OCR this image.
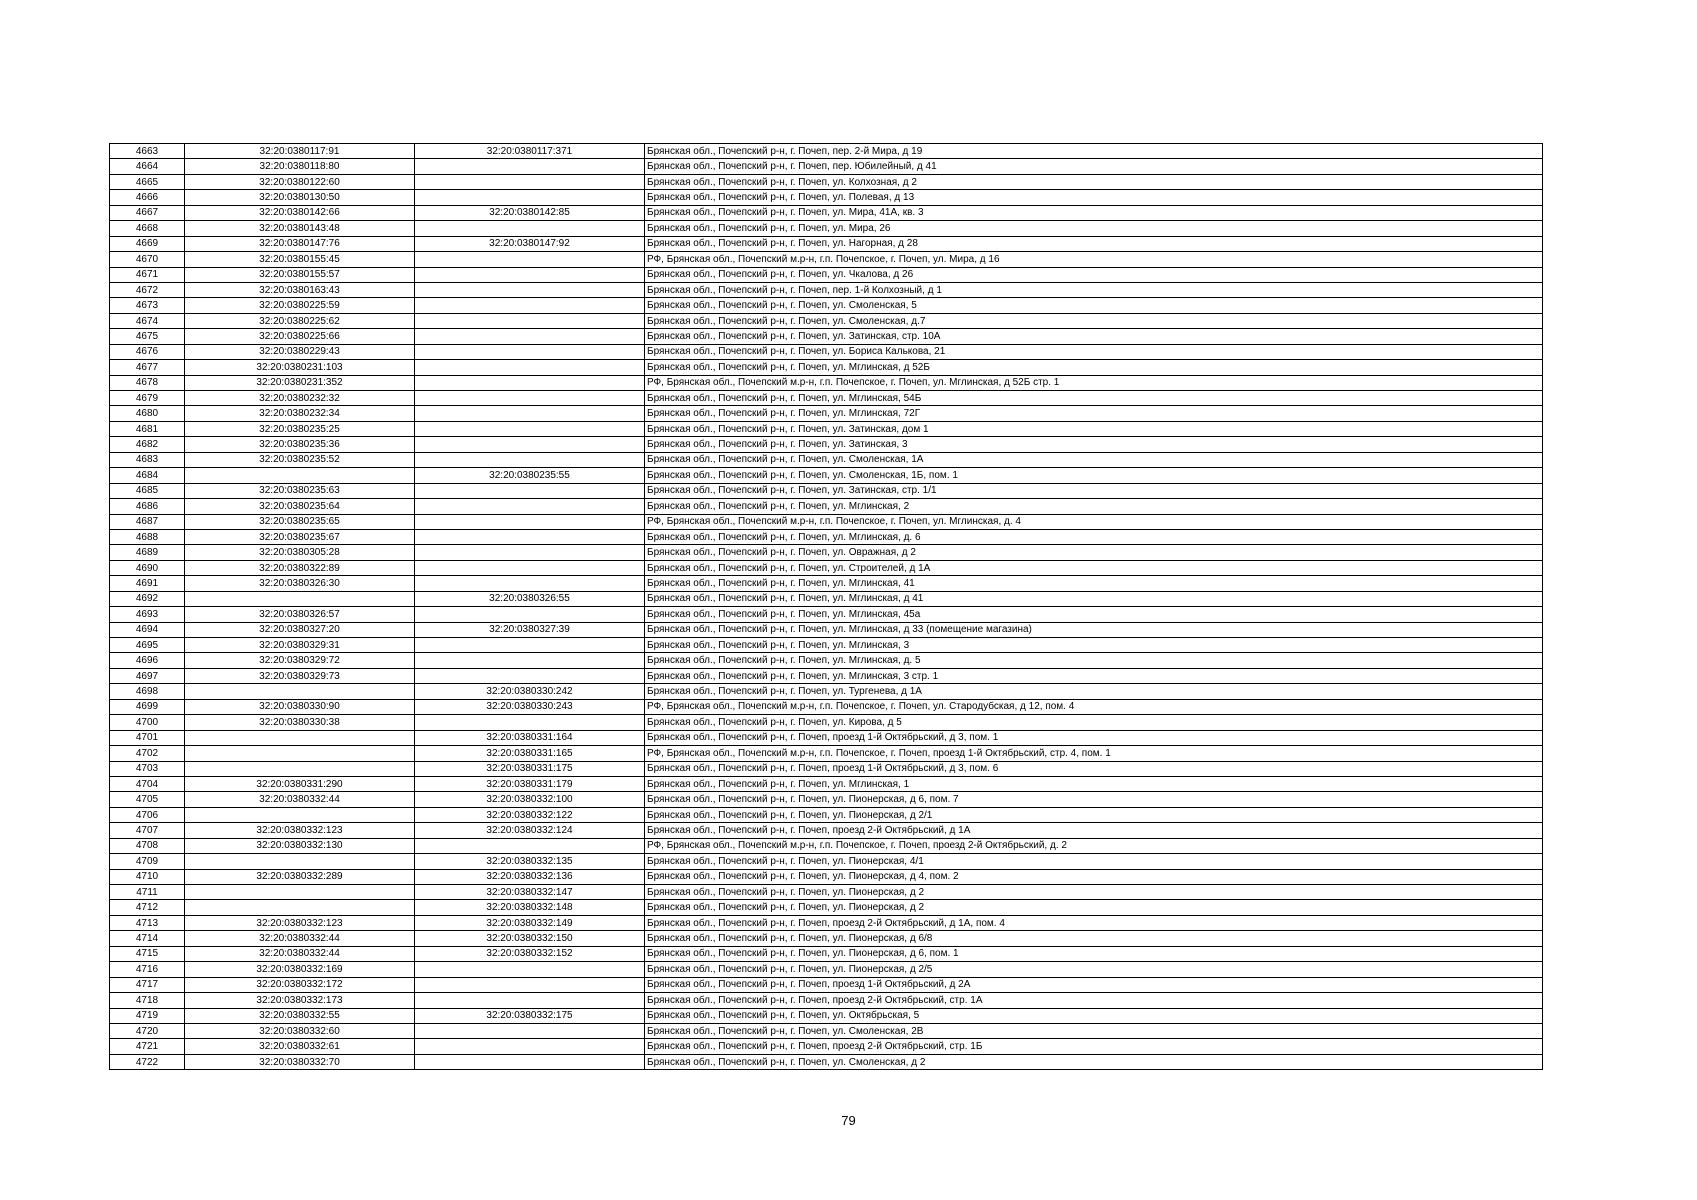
4663	32:20:0380117:91	32:20:0380117:371	Брянская обл., Почепский р-н, г. Почеп, пер. 2-й Мира, д 19
4664	32:20:0380118:80		Брянская обл., Почепский р-н, г. Почеп, пер. Юбилейный, д 41
4665	32:20:0380122:60		Брянская обл., Почепский р-н, г. Почеп, ул. Колхозная, д 2
4666	32:20:0380130:50		Брянская обл., Почепский р-н, г. Почеп, ул. Полевая, д 13
4667	32:20:0380142:66	32:20:0380142:85	Брянская обл., Почепский р-н, г. Почеп, ул. Мира, 41А, кв. 3
4668	32:20:0380143:48		Брянская обл., Почепский р-н, г. Почеп, ул. Мира, 26
4669	32:20:0380147:76	32:20:0380147:92	Брянская обл., Почепский р-н, г. Почеп, ул. Нагорная, д 28
4670	32:20:0380155:45		РФ, Брянская обл., Почепский м.р-н, г.п. Почепское, г. Почеп, ул. Мира, д 16
4671	32:20:0380155:57		Брянская обл., Почепский р-н, г. Почеп, ул. Чкалова, д 26
4672	32:20:0380163:43		Брянская обл., Почепский р-н, г. Почеп, пер. 1-й Колхозный, д 1
4673	32:20:0380225:59		Брянская обл., Почепский р-н, г. Почеп, ул. Смоленская, 5
4674	32:20:0380225:62		Брянская обл., Почепский р-н, г. Почеп, ул. Смоленская, д.7
4675	32:20:0380225:66		Брянская обл., Почепский р-н, г. Почеп, ул. Затинская, стр. 10А
4676	32:20:0380229:43		Брянская обл., Почепский р-н, г. Почеп, ул. Бориса Калькова, 21
4677	32:20:0380231:103		Брянская обл., Почепский р-н, г. Почеп, ул. Мглинская, д 52Б
4678	32:20:0380231:352		РФ, Брянская обл., Почепский м.р-н, г.п. Почепское, г. Почеп, ул. Мглинская, д 52Б стр. 1
4679	32:20:0380232:32		Брянская обл., Почепский р-н, г. Почеп, ул. Мглинская, 54Б
4680	32:20:0380232:34		Брянская обл., Почепский р-н, г. Почеп, ул. Мглинская, 72Г
4681	32:20:0380235:25		Брянская обл., Почепский р-н, г. Почеп, ул. Затинская, дом 1
4682	32:20:0380235:36		Брянская обл., Почепский р-н, г. Почеп, ул. Затинская, 3
4683	32:20:0380235:52		Брянская обл., Почепский р-н, г. Почеп, ул. Смоленская, 1А
4684		32:20:0380235:55	Брянская обл., Почепский р-н, г. Почеп, ул. Смоленская, 1Б, пом. 1
4685	32:20:0380235:63		Брянская обл., Почепский р-н, г. Почеп, ул. Затинская, стр. 1/1
4686	32:20:0380235:64		Брянская обл., Почепский р-н, г. Почеп, ул. Мглинская, 2
4687	32:20:0380235:65		РФ, Брянская обл., Почепский м.р-н, г.п. Почепское, г. Почеп, ул. Мглинская, д. 4
4688	32:20:0380235:67		Брянская обл., Почепский р-н, г. Почеп, ул. Мглинская, д. 6
4689	32:20:0380305:28		Брянская обл., Почепский р-н, г. Почеп, ул. Овражная, д 2
4690	32:20:0380322:89		Брянская обл., Почепский р-н, г. Почеп, ул. Строителей, д 1А
4691	32:20:0380326:30		Брянская обл., Почепский р-н, г. Почеп, ул. Мглинская, 41
4692		32:20:0380326:55	Брянская обл., Почепский р-н, г. Почеп, ул. Мглинская, д 41
4693	32:20:0380326:57		Брянская обл., Почепский р-н, г. Почеп, ул. Мглинская, 45а
4694	32:20:0380327:20	32:20:0380327:39	Брянская обл., Почепский р-н, г. Почеп, ул. Мглинская, д 33 (помещение магазина)
4695	32:20:0380329:31		Брянская обл., Почепский р-н, г. Почеп, ул. Мглинская, 3
4696	32:20:0380329:72		Брянская обл., Почепский р-н, г. Почеп, ул. Мглинская, д. 5
4697	32:20:0380329:73		Брянская обл., Почепский р-н, г. Почеп, ул. Мглинская, 3 стр. 1
4698		32:20:0380330:242	Брянская обл., Почепский р-н, г. Почеп, ул. Тургенева, д 1А
4699	32:20:0380330:90	32:20:0380330:243	РФ, Брянская обл., Почепский м.р-н, г.п. Почепское, г. Почеп, ул. Стародубская, д 12, пом. 4
4700	32:20:0380330:38		Брянская обл., Почепский р-н, г. Почеп, ул. Кирова, д 5
4701		32:20:0380331:164	Брянская обл., Почепский р-н, г. Почеп, проезд 1-й Октябрьский, д 3, пом. 1
4702		32:20:0380331:165	РФ, Брянская обл., Почепский м.р-н, г.п. Почепское, г. Почеп, проезд 1-й Октябрьский, стр. 4, пом. 1
4703		32:20:0380331:175	Брянская обл., Почепский р-н, г. Почеп, проезд 1-й Октябрьский, д 3, пом. 6
4704	32:20:0380331:290	32:20:0380331:179	Брянская обл., Почепский р-н, г. Почеп, ул. Мглинская, 1
4705	32:20:0380332:44	32:20:0380332:100	Брянская обл., Почепский р-н, г. Почеп, ул. Пионерская, д 6, пом. 7
4706		32:20:0380332:122	Брянская обл., Почепский р-н, г. Почеп, ул. Пионерская, д 2/1
4707	32:20:0380332:123	32:20:0380332:124	Брянская обл., Почепский р-н, г. Почеп, проезд 2-й Октябрьский, д 1А
4708	32:20:0380332:130		РФ, Брянская обл., Почепский м.р-н, г.п. Почепское, г. Почеп, проезд 2-й Октябрьский, д. 2
4709		32:20:0380332:135	Брянская обл., Почепский р-н, г. Почеп, ул. Пионерская, 4/1
4710	32:20:0380332:289	32:20:0380332:136	Брянская обл., Почепский р-н, г. Почеп, ул. Пионерская, д 4, пом. 2
4711		32:20:0380332:147	Брянская обл., Почепский р-н, г. Почеп, ул. Пионерская, д 2
4712		32:20:0380332:148	Брянская обл., Почепский р-н, г. Почеп, ул. Пионерская, д 2
4713	32:20:0380332:123	32:20:0380332:149	Брянская обл., Почепский р-н, г. Почеп, проезд 2-й Октябрьский, д 1А, пом. 4
4714	32:20:0380332:44	32:20:0380332:150	Брянская обл., Почепский р-н, г. Почеп, ул. Пионерская, д 6/8
4715	32:20:0380332:44	32:20:0380332:152	Брянская обл., Почепский р-н, г. Почеп, ул. Пионерская, д 6, пом. 1
4716	32:20:0380332:169		Брянская обл., Почепский р-н, г. Почеп, ул. Пионерская, д 2/5
4717	32:20:0380332:172		Брянская обл., Почепский р-н, г. Почеп, проезд 1-й Октябрьский, д 2А
4718	32:20:0380332:173		Брянская обл., Почепский р-н, г. Почеп, проезд 2-й Октябрьский, стр. 1А
4719	32:20:0380332:55	32:20:0380332:175	Брянская обл., Почепский р-н, г. Почеп, ул. Октябрьская, 5
4720	32:20:0380332:60		Брянская обл., Почепский р-н, г. Почеп, ул. Смоленская, 2В
4721	32:20:0380332:61		Брянская обл., Почепский р-н, г. Почеп, проезд 2-й Октябрьский, стр. 1Б
4722	32:20:0380332:70		Брянская обл., Почепский р-н, г. Почеп, ул. Смоленская, д 2
79
